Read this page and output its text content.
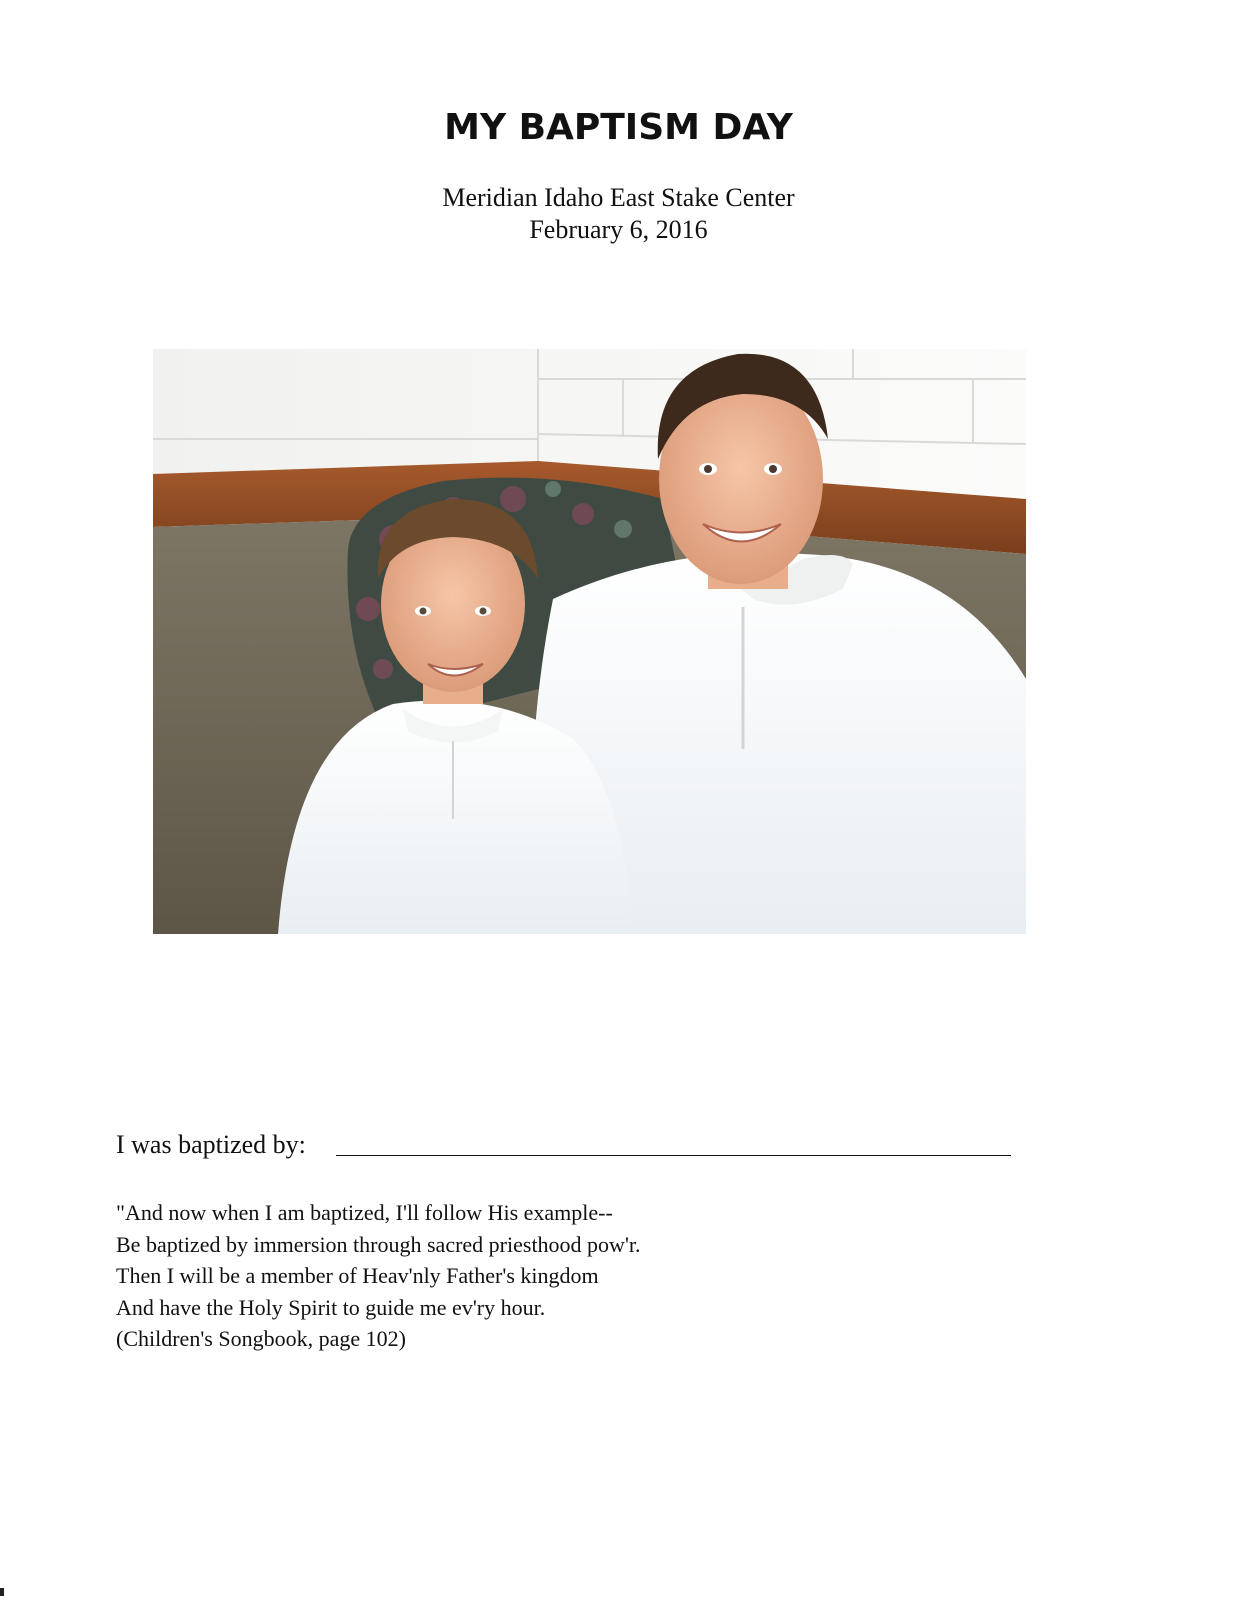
MY BAPTISM DAY

Meridian Idaho East Stake Center

February 6, 2016

I was baptized by:
"And now when I am baptized, I'll follow His example--
Be baptized by immersion through sacred priesthood pow'r.
Then I will be a member of Heav'nly Father's kingdom
And have the Holy Spirit to guide me ev'ry hour.
(Children's Songbook, page 102)
